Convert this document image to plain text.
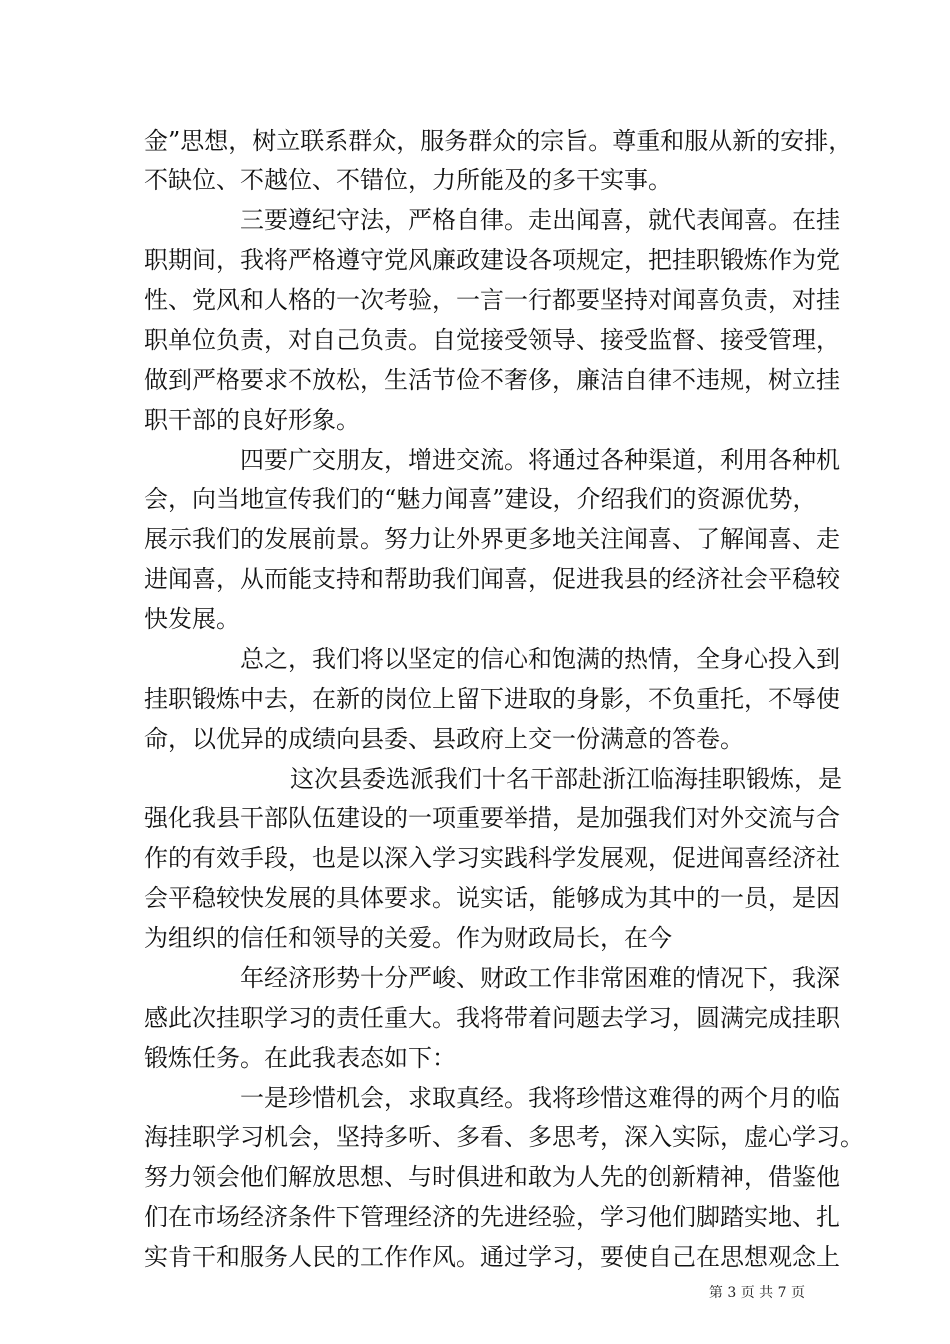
金”思想，树立联系群众，服务群众的宗旨。尊重和服从新的安排，
不缺位、不越位、不错位，力所能及的多干实事。
三要遵纪守法，严格自律。走出闻喜，就代表闻喜。在挂
职期间，我将严格遵守党风廉政建设各项规定，把挂职锻炼作为党
性、党风和人格的一次考验，一言一行都要坚持对闻喜负责，对挂
职单位负责，对自己负责。自觉接受领导、接受监督、接受管理，
做到严格要求不放松，生活节俭不奢侈，廉洁自律不违规，树立挂
职干部的良好形象。
四要广交朋友，增进交流。将通过各种渠道，利用各种机
会，向当地宣传我们的“魅力闻喜”建设，介绍我们的资源优势，
展示我们的发展前景。努力让外界更多地关注闻喜、了解闻喜、走
进闻喜，从而能支持和帮助我们闻喜，促进我县的经济社会平稳较
快发展。
总之，我们将以坚定的信心和饱满的热情，全身心投入到
挂职锻炼中去，在新的岗位上留下进取的身影，不负重托，不辱使
命，以优异的成绩向县委、县政府上交一份满意的答卷。
这次县委选派我们十名干部赴浙江临海挂职锻炼，是
强化我县干部队伍建设的一项重要举措，是加强我们对外交流与合
作的有效手段，也是以深入学习实践科学发展观，促进闻喜经济社
会平稳较快发展的具体要求。说实话，能够成为其中的一员，是因
为组织的信任和领导的关爱。作为财政局长，在今
年经济形势十分严峻、财政工作非常困难的情况下，我深
感此次挂职学习的责任重大。我将带着问题去学习，圆满完成挂职
锻炼任务。在此我表态如下：
一是珍惜机会，求取真经。我将珍惜这难得的两个月的临
海挂职学习机会，坚持多听、多看、多思考，深入实际，虚心学习。
努力领会他们解放思想、与时俱进和敢为人先的创新精神，借鉴他
们在市场经济条件下管理经济的先进经验，学习他们脚踏实地、扎
实肯干和服务人民的工作作风。通过学习，要使自己在思想观念上
第 3 页 共 7 页
